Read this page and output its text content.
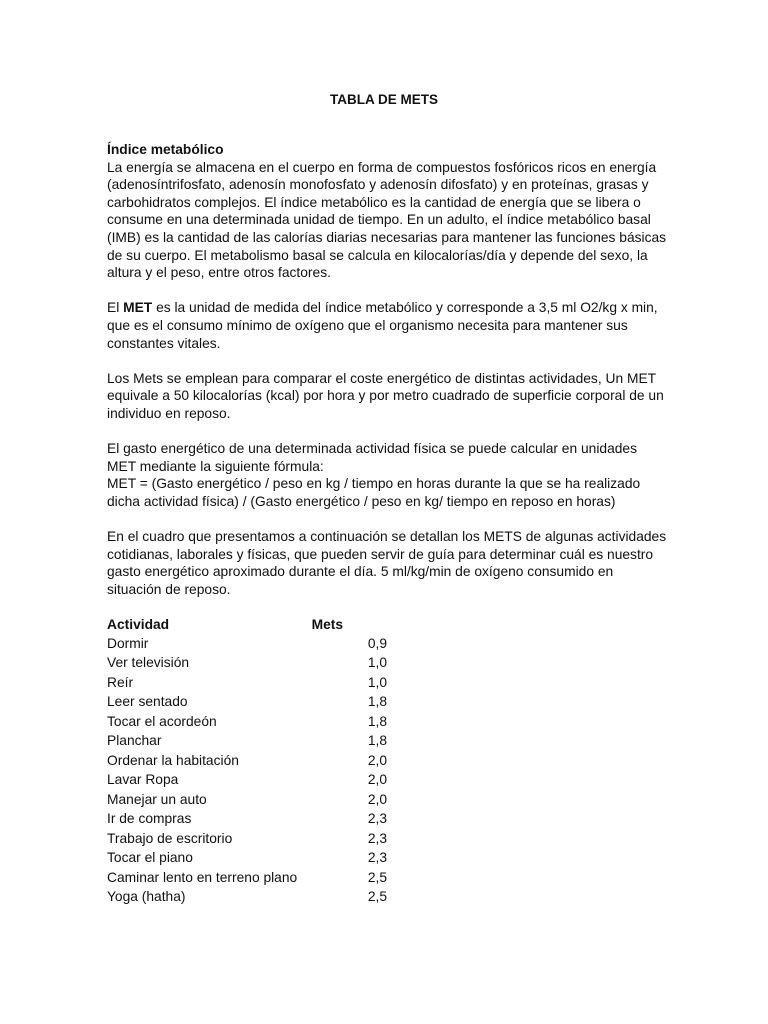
TABLA DE METS

Índice metabólico
La energía se almacena en el cuerpo en forma de compuestos fosfóricos ricos en energía (adenosíntrifosfato, adenosín monofosfato y adenosín difosfato) y en proteínas, grasas y carbohidratos complejos. El índice metabólico es la cantidad de energía que se libera o consume en una determinada unidad de tiempo. En un adulto, el índice metabólico basal (IMB) es la cantidad de las calorías diarias necesarias para mantener las funciones básicas de su cuerpo. El metabolismo basal se calcula en kilocalorías/día y depende del sexo, la altura y el peso, entre otros factores.

El MET es la unidad de medida del índice metabólico y corresponde a 3,5 ml O2/kg x min, que es el consumo mínimo de oxígeno que el organismo necesita para mantener sus constantes vitales.

Los Mets se emplean para comparar el coste energético de distintas actividades, Un MET equivale a 50 kilocalorías (kcal) por hora y por metro cuadrado de superficie corporal de un individuo en reposo.

El gasto energético de una determinada actividad física se puede calcular en unidades MET mediante la siguiente fórmula:
MET = (Gasto energético / peso en kg / tiempo en horas durante la que se ha realizado dicha actividad física) / (Gasto energético / peso en kg/ tiempo en reposo en horas)

En el cuadro que presentamos a continuación se detallan los METS de algunas actividades cotidianas, laborales y físicas, que pueden servir de guía para determinar cuál es nuestro gasto energético aproximado durante el día. 5 ml/kg/min de oxígeno consumido en situación de reposo.

Actividad	Mets
Dormir	0,9
Ver televisión	1,0
Reír	1,0
Leer sentado	1,8
Tocar el acordeón	1,8
Planchar	1,8
Ordenar la habitación	2,0
Lavar Ropa	2,0
Manejar un auto	2,0
Ir de compras	2,3
Trabajo de escritorio	2,3
Tocar el piano	2,3
Caminar lento en terreno plano	2,5
Yoga (hatha)	2,5
